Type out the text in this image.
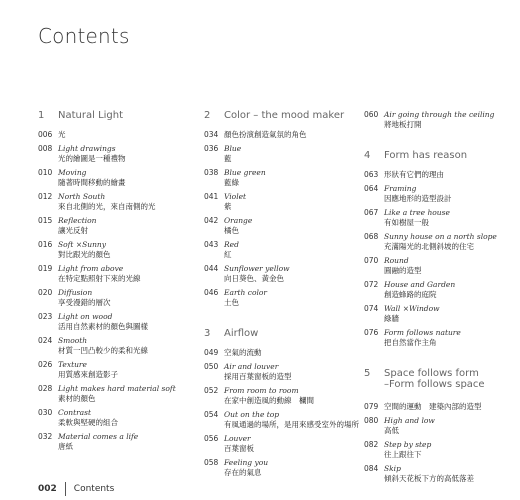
Contents
1	Natural Light
006 光
008 Light drawings
光的繪圖是一種禮物
010 Moving
隨著時間移動的繪畫
012 North South
來自北側的光，來自南側的光
015 Reflection
讓光反射
016 Soft ×Sunny
對比跟光的顏色
019 Light from above
在特定點照射下來的光線
020 Diffusion
享受漫錯的層次
023 Light on wood
活用自然素材的顏色與圖樣
024 Smooth
材質一凹凸較少的柔和光線
026 Texture
用質感來創造影子
028 Light makes hard material soft
素材的顏色
030 Contrast
柔軟與堅硬的組合
032 Material comes a life
唐紙
2	Color – the mood maker
034 顏色扮演創造氣氛的角色
036 Blue
藍
038 Blue green
藍綠
041 Violet
紫
042 Orange
橘色
043 Red
紅
044 Sunflower yellow
向日葵色、黃金色
046 Earth color
土色
3	Airflow
049 空氣的流動
050 Air and louver
採用百葉窗板的造型
052 From room to room
在家中創造風的動線　欄間
054 Out on the top
有風通過的場所，是用來感受室外的場所
056 Louver
百葉窗板
058 Feeling you
存在的氣息
060 Air going through the ceiling
將地板打開
4	Form has reason
063 形狀有它們的理由
064 Framing
因應地形的造型設計
067 Like a tree house
有如樹屋一般
068 Sunny house on a north slope
充滿陽光的北側斜坡的住宅
070 Round
圓融的造型
072 House and Garden
創造蜂路的庭院
074 Wall ×Window
綠牆
076 Form follows nature
把自然當作主角
5	Space follows form
–Form follows space
079 空間的運動　建築內部的造型
080 High and low
高低
082 Step by step
往上跟往下
084 Skip
傾斜天花板下方的高低落差
002 Contents
